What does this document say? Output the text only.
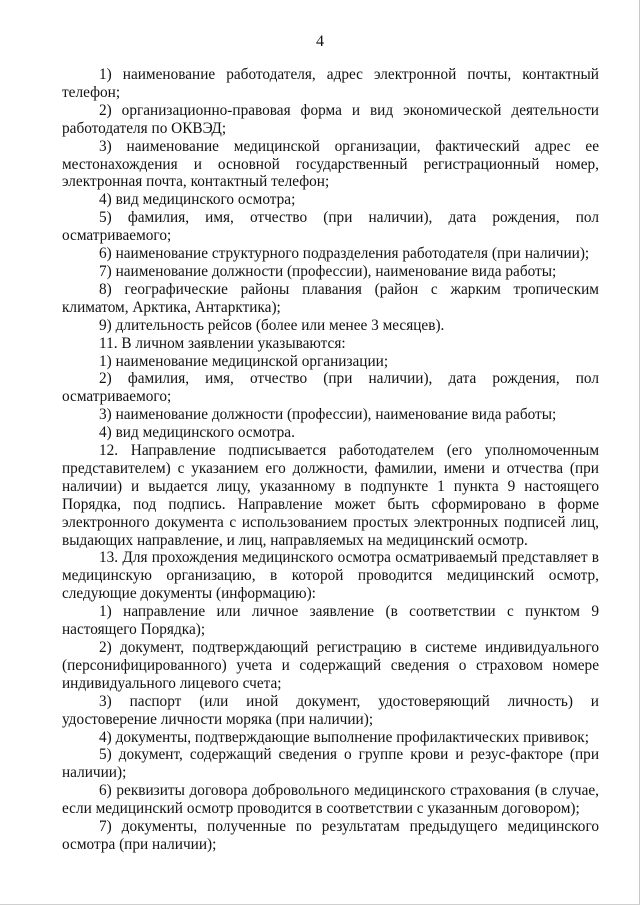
4

1) наименование работодателя, адрес электронной почты, контактный телефон;

2) организационно-правовая форма и вид экономической деятельности работодателя по ОКВЭД;

3) наименование медицинской организации, фактический адрес ее местонахождения и основной государственный регистрационный номер, электронная почта, контактный телефон;

4) вид медицинского осмотра;

5) фамилия, имя, отчество (при наличии), дата рождения, пол осматриваемого;

6) наименование структурного подразделения работодателя (при наличии);

7) наименование должности (профессии), наименование вида работы;

8) географические районы плавания (район с жарким тропическим климатом, Арктика, Антарктика);

9) длительность рейсов (более или менее 3 месяцев).

11. В личном заявлении указываются:

1) наименование медицинской организации;

2) фамилия, имя, отчество (при наличии), дата рождения, пол осматриваемого;

3) наименование должности (профессии), наименование вида работы;

4) вид медицинского осмотра.

12. Направление подписывается работодателем (его уполномоченным представителем) с указанием его должности, фамилии, имени и отчества (при наличии) и выдается лицу, указанному в подпункте 1 пункта 9 настоящего Порядка, под подпись. Направление может быть сформировано в форме электронного документа с использованием простых электронных подписей лиц, выдающих направление, и лиц, направляемых на медицинский осмотр.

13. Для прохождения медицинского осмотра осматриваемый представляет в медицинскую организацию, в которой проводится медицинский осмотр, следующие документы (информацию):

1) направление или личное заявление (в соответствии с пунктом 9 настоящего Порядка);

2) документ, подтверждающий регистрацию в системе индивидуального (персонифицированного) учета и содержащий сведения о страховом номере индивидуального лицевого счета;

3) паспорт (или иной документ, удостоверяющий личность) и удостоверение личности моряка (при наличии);

4) документы, подтверждающие выполнение профилактических прививок;

5) документ, содержащий сведения о группе крови и резус-факторе (при наличии);

6) реквизиты договора добровольного медицинского страхования (в случае, если медицинский осмотр проводится в соответствии с указанным договором);

7) документы, полученные по результатам предыдущего медицинского осмотра (при наличии);
